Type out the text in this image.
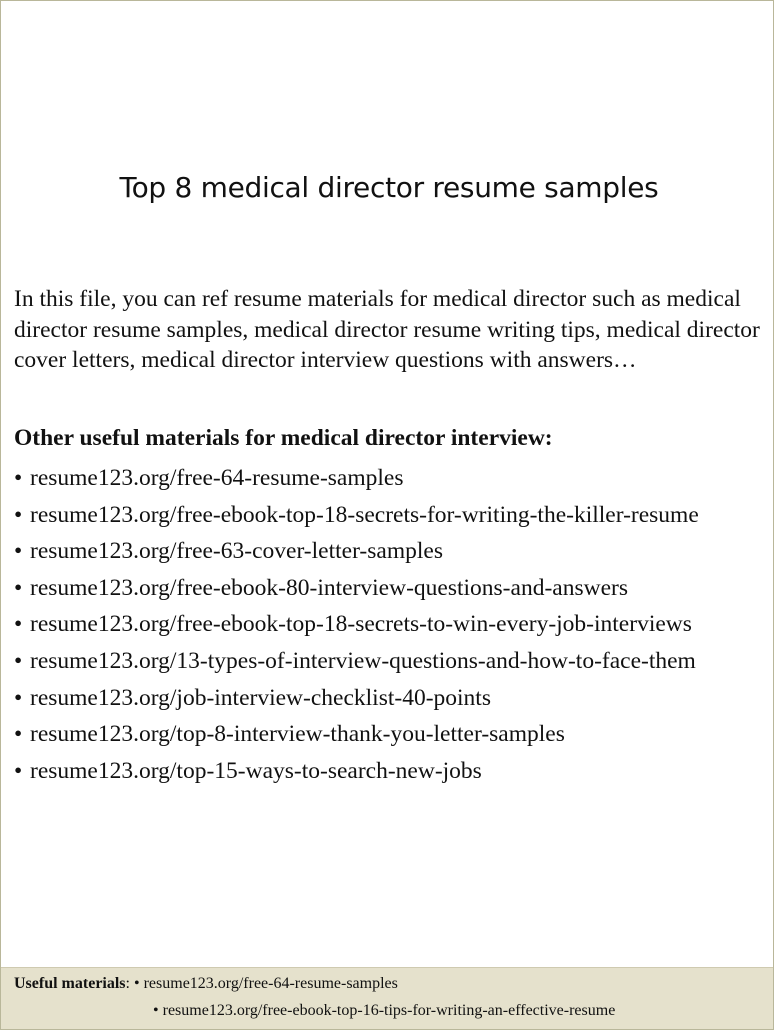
Top 8 medical director resume samples

In this file, you can ref resume materials for medical director such as medical director resume samples, medical director resume writing tips, medical director cover letters, medical director interview questions with answers…

Other useful materials for medical director interview:

• resume123.org/free-64-resume-samples
• resume123.org/free-ebook-top-18-secrets-for-writing-the-killer-resume
• resume123.org/free-63-cover-letter-samples
• resume123.org/free-ebook-80-interview-questions-and-answers
• resume123.org/free-ebook-top-18-secrets-to-win-every-job-interviews
• resume123.org/13-types-of-interview-questions-and-how-to-face-them
• resume123.org/job-interview-checklist-40-points
• resume123.org/top-8-interview-thank-you-letter-samples
• resume123.org/top-15-ways-to-search-new-jobs
Useful materials: • resume123.org/free-64-resume-samples
• resume123.org/free-ebook-top-16-tips-for-writing-an-effective-resume
